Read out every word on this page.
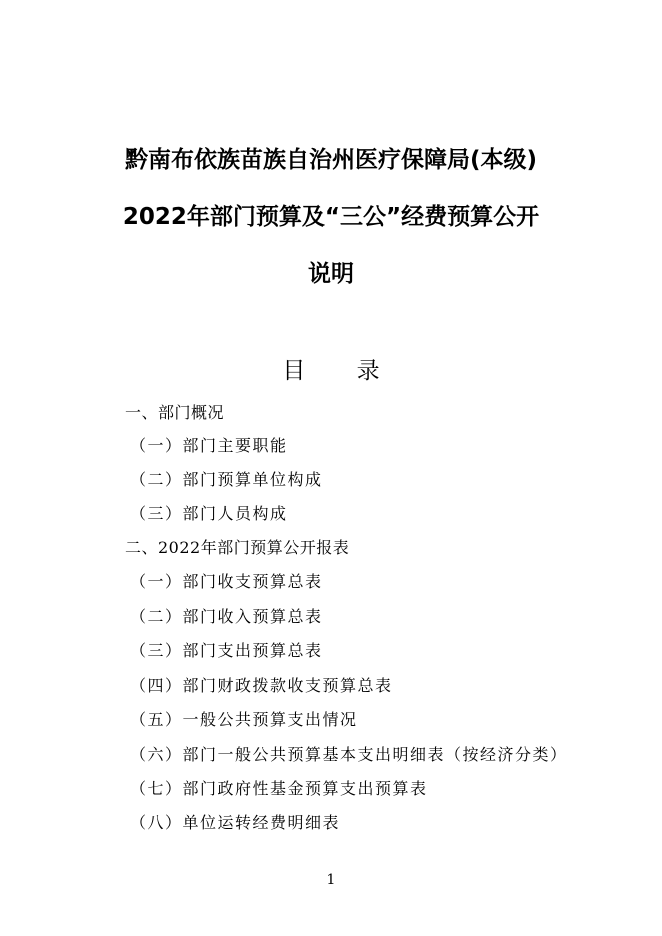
黔南布依族苗族自治州医疗保障局(本级)
2022年部门预算及“三公”经费预算公开
说明
目 录
一、部门概况
（一）部门主要职能
（二）部门预算单位构成
（三）部门人员构成
二、2022年部门预算公开报表
（一）部门收支预算总表
（二）部门收入预算总表
（三）部门支出预算总表
（四）部门财政拨款收支预算总表
（五）一般公共预算支出情况
（六）部门一般公共预算基本支出明细表（按经济分类）
（七）部门政府性基金预算支出预算表
（八）单位运转经费明细表
1
